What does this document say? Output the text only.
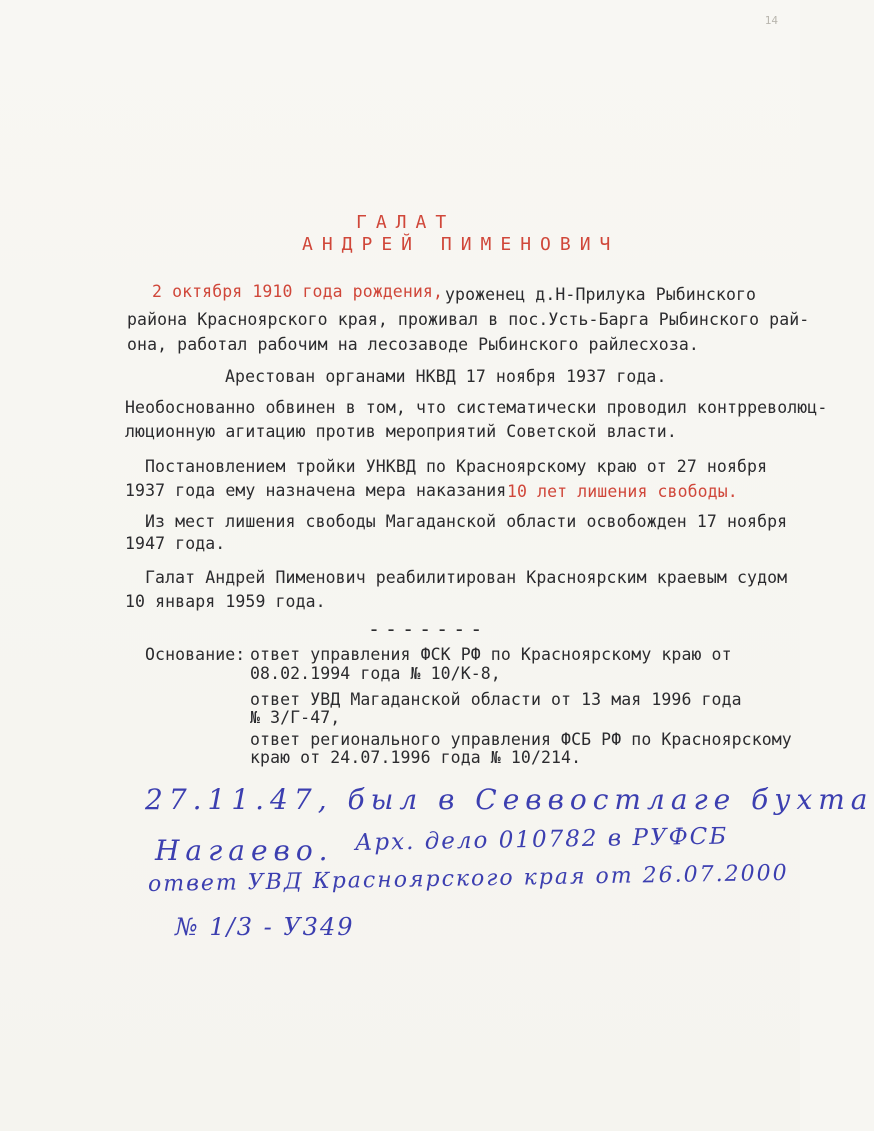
14
ГАЛАТ
АНДРЕЙ ПИМЕНОВИЧ
2 октября 1910 года рождения, уроженец д.Н-Прилука Рыбинского
района Красноярского края, проживал в пос.Усть-Барга Рыбинского рай-
она, работал рабочим на лесозаводе Рыбинского райлесхоза.
Арестован органами НКВД 17 ноября 1937 года.
Необоснованно обвинен в том, что систематически проводил контрреволюц-
люционную агитацию против мероприятий Советской власти.
Постановлением тройки УНКВД по Красноярскому краю от 27 ноября
1937 года ему назначена мера наказания 10 лет лишения свободы.
Из мест лишения свободы Магаданской области освобожден 17 ноября
1947 года.
Галат Андрей Пименович реабилитирован Красноярским краевым судом
10 января 1959 года.
-------
Основание: ответ управления ФСК РФ по Красноярскому краю от
08.02.1994 года № 10/К-8,
ответ УВД Магаданской области от 13 мая 1996 года
№ 3/Г-47,
ответ регионального управления ФСБ РФ по Красноярскому
краю от 24.07.1996 года № 10/214.
27.11.47, был в Севвостлаге бухта
Нагаево. Арх. дело 010782 в РУФСБ
ответ УВД Красноярского края от 26.07.2000
№ 1/3 - У349
